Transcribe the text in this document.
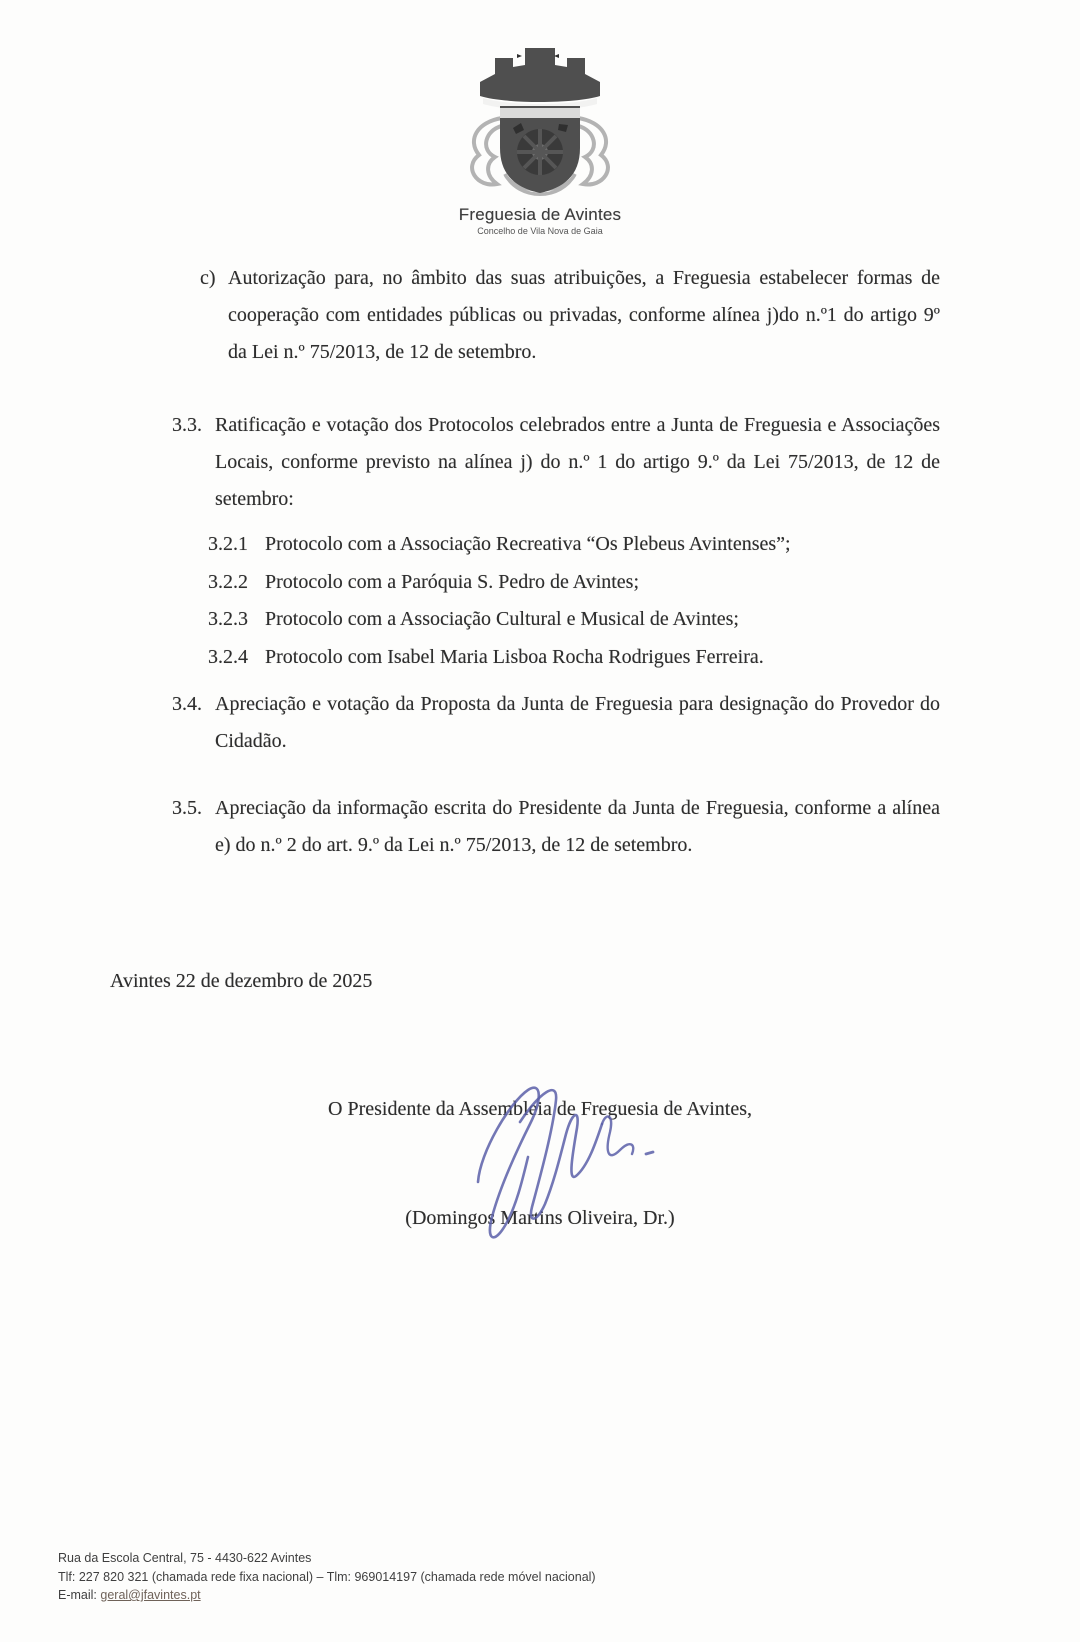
Freguesia de Avintes
Concelho de Vila Nova de Gaia
c) Autorização para, no âmbito das suas atribuições, a Freguesia estabelecer formas de cooperação com entidades públicas ou privadas, conforme alínea j)do n.º1 do artigo 9º da Lei n.º 75/2013, de 12 de setembro.
3.3. Ratificação e votação dos Protocolos celebrados entre a Junta de Freguesia e Associações Locais, conforme previsto na alínea j) do n.º 1 do artigo 9.º da Lei 75/2013, de 12 de setembro:
3.2.1 Protocolo com a Associação Recreativa “Os Plebeus Avintenses”;
3.2.2 Protocolo com a Paróquia S. Pedro de Avintes;
3.2.3 Protocolo com a Associação Cultural e Musical de Avintes;
3.2.4 Protocolo com Isabel Maria Lisboa Rocha Rodrigues Ferreira.
3.4. Apreciação e votação da Proposta da Junta de Freguesia para designação do Provedor do Cidadão.
3.5. Apreciação da informação escrita do Presidente da Junta de Freguesia, conforme a alínea e) do n.º 2 do art. 9.º da Lei n.º 75/2013, de 12 de setembro.
Avintes 22 de dezembro de 2025
O Presidente da Assembleia de Freguesia de Avintes,
(Domingos Martins Oliveira, Dr.)
Rua da Escola Central, 75 - 4430-622 Avintes
Tlf: 227 820 321 (chamada rede fixa nacional) – Tlm: 969014197 (chamada rede móvel nacional)
E-mail: geral@jfavintes.pt
